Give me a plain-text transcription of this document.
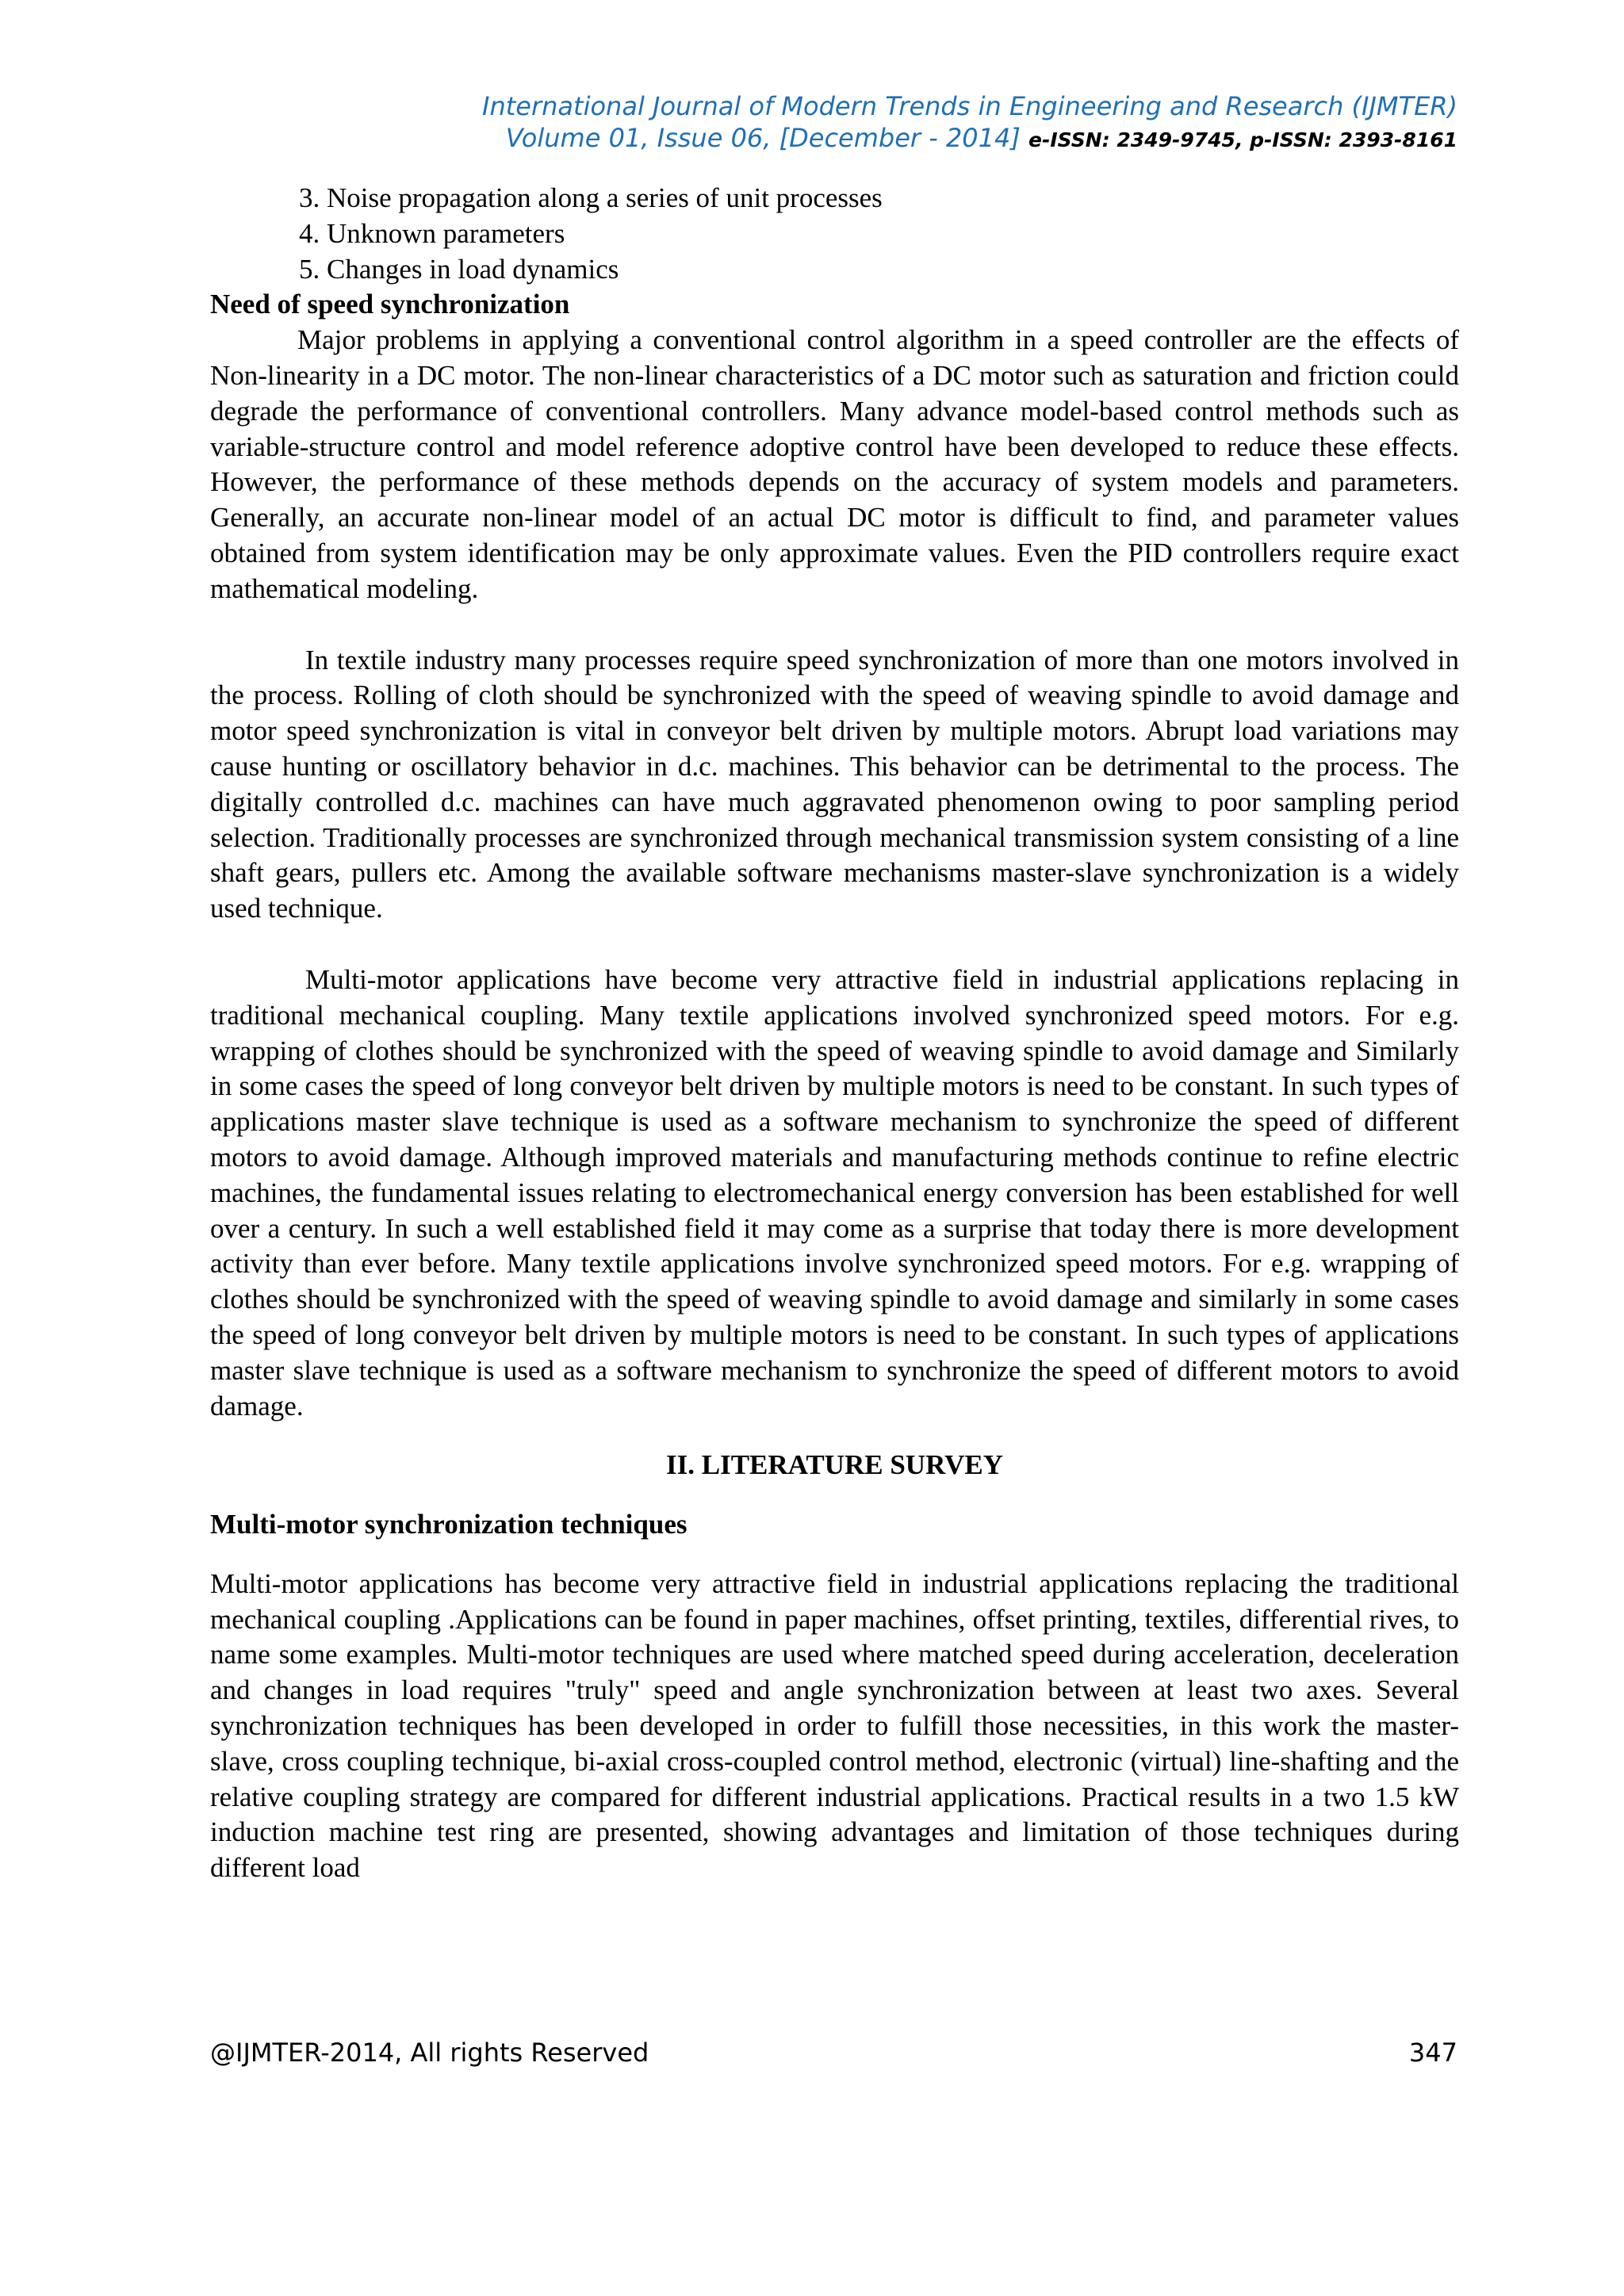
International Journal of Modern Trends in Engineering and Research (IJMTER)
Volume 01, Issue 06, [December - 2014] e-ISSN: 2349-9745, p-ISSN: 2393-8161
3. Noise propagation along a series of unit processes
4. Unknown parameters
5. Changes in load dynamics
Need of speed synchronization
Major problems in applying a conventional control algorithm in a speed controller are the effects of Non-linearity in a DC motor. The non-linear characteristics of a DC motor such as saturation and friction could degrade the performance of conventional controllers. Many advance model-based control methods such as variable-structure control and model reference adoptive control have been developed to reduce these effects. However, the performance of these methods depends on the accuracy of system models and parameters. Generally, an accurate non-linear model of an actual DC motor is difficult to find, and parameter values obtained from system identification may be only approximate values. Even the PID controllers require exact mathematical modeling.
In textile industry many processes require speed synchronization of more than one motors involved in the process. Rolling of cloth should be synchronized with the speed of weaving spindle to avoid damage and motor speed synchronization is vital in conveyor belt driven by multiple motors. Abrupt load variations may cause hunting or oscillatory behavior in d.c. machines. This behavior can be detrimental to the process. The digitally controlled d.c. machines can have much aggravated phenomenon owing to poor sampling period selection. Traditionally processes are synchronized through mechanical transmission system consisting of a line shaft gears, pullers etc. Among the available software mechanisms master-slave synchronization is a widely used technique.
Multi-motor applications have become very attractive field in industrial applications replacing in traditional mechanical coupling. Many textile applications involved synchronized speed motors. For e.g. wrapping of clothes should be synchronized with the speed of weaving spindle to avoid damage and Similarly in some cases the speed of long conveyor belt driven by multiple motors is need to be constant. In such types of applications master slave technique is used as a software mechanism to synchronize the speed of different motors to avoid damage. Although improved materials and manufacturing methods continue to refine electric machines, the fundamental issues relating to electromechanical energy conversion has been established for well over a century. In such a well established field it may come as a surprise that today there is more development activity than ever before. Many textile applications involve synchronized speed motors. For e.g. wrapping of clothes should be synchronized with the speed of weaving spindle to avoid damage and similarly in some cases the speed of long conveyor belt driven by multiple motors is need to be constant. In such types of applications master slave technique is used as a software mechanism to synchronize the speed of different motors to avoid damage.
II. LITERATURE SURVEY
Multi-motor synchronization techniques
Multi-motor applications has become very attractive field in industrial applications replacing the traditional mechanical coupling .Applications can be found in paper machines, offset printing, textiles, differential rives, to name some examples. Multi-motor techniques are used where matched speed during acceleration, deceleration and changes in load requires "truly" speed and angle synchronization between at least two axes. Several synchronization techniques has been developed in order to fulfill those necessities, in this work the master-slave, cross coupling technique, bi-axial cross-coupled control method, electronic (virtual) line-shafting and the relative coupling strategy are compared for different industrial applications. Practical results in a two 1.5 kW induction machine test ring are presented, showing advantages and limitation of those techniques during different load
@IJMTER-2014, All rights Reserved	347
